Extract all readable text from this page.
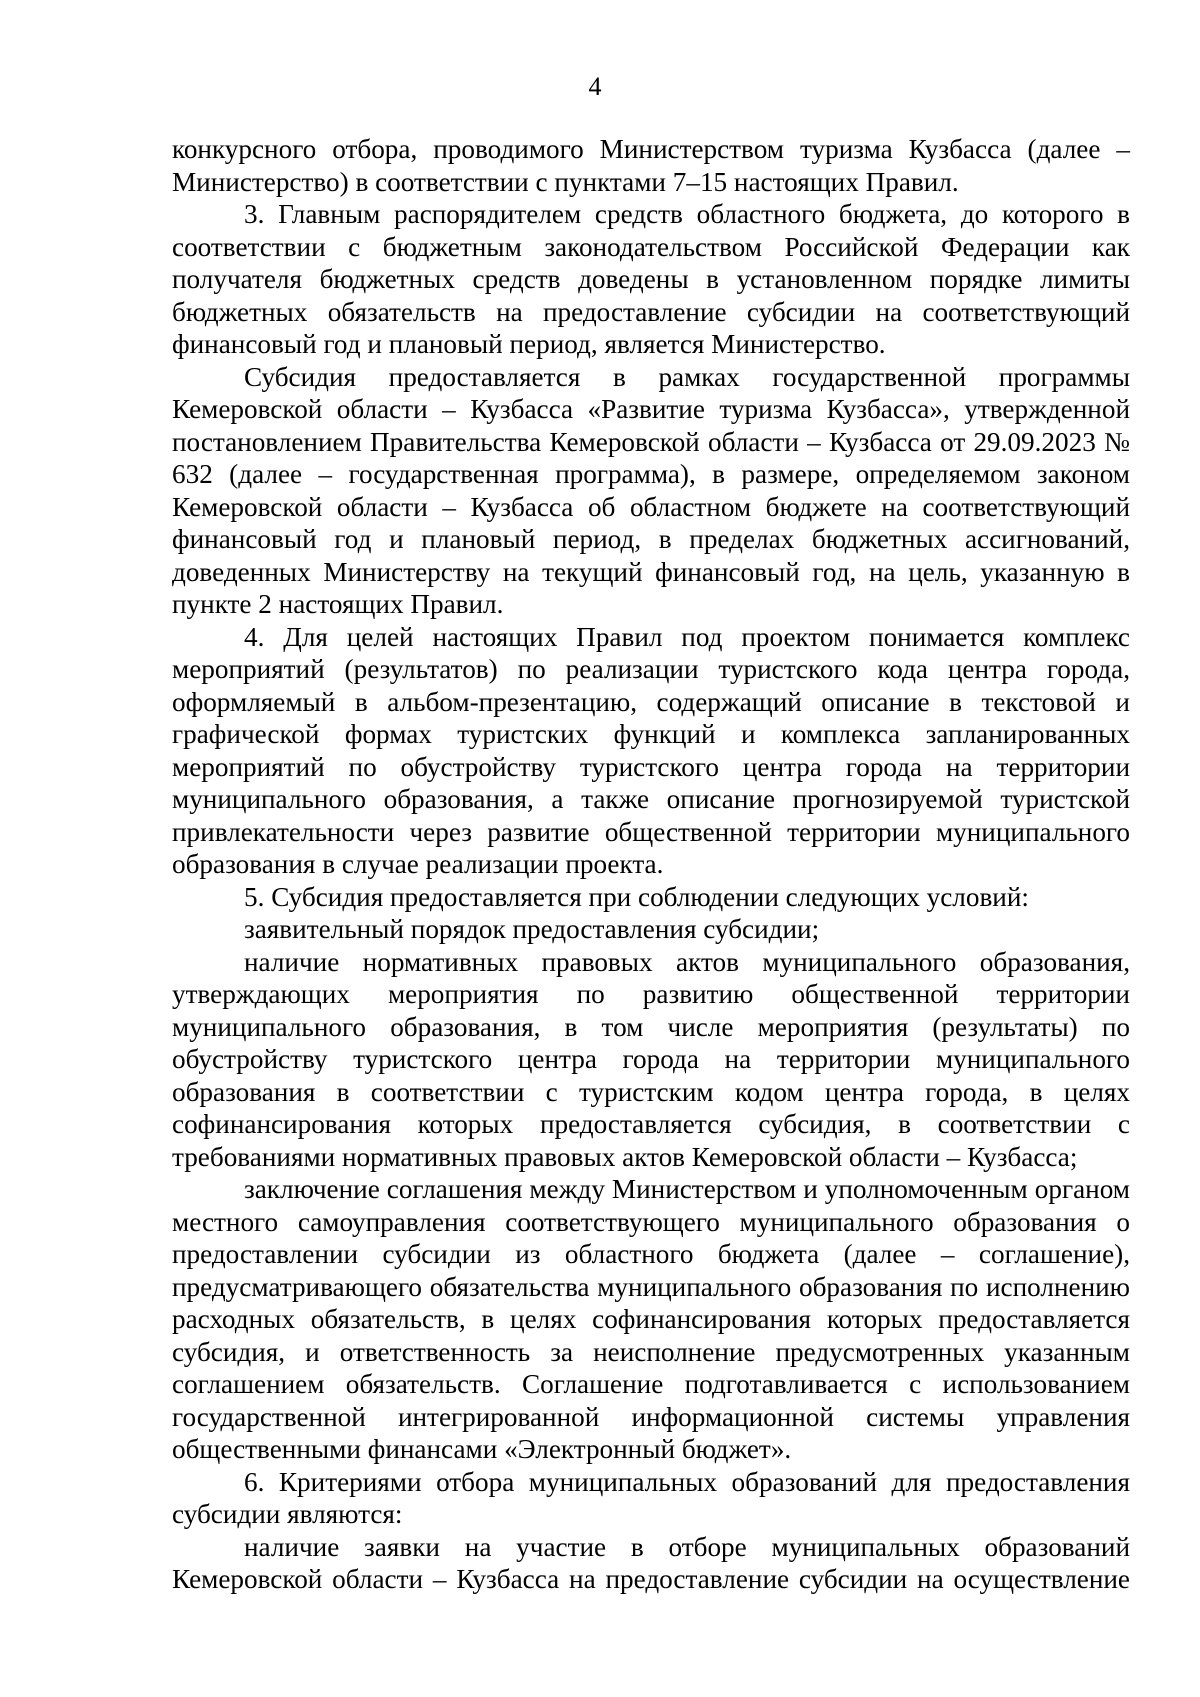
4

конкурсного отбора, проводимого Министерством туризма Кузбасса (далее – Министерство) в соответствии с пунктами 7–15 настоящих Правил.

3. Главным распорядителем средств областного бюджета, до которого в соответствии с бюджетным законодательством Российской Федерации как получателя бюджетных средств доведены в установленном порядке лимиты бюджетных обязательств на предоставление субсидии на соответствующий финансовый год и плановый период, является Министерство.

Субсидия предоставляется в рамках государственной программы Кемеровской области – Кузбасса «Развитие туризма Кузбасса», утвержденной постановлением Правительства Кемеровской области – Кузбасса от 29.09.2023 № 632 (далее – государственная программа), в размере, определяемом законом Кемеровской области – Кузбасса об областном бюджете на соответствующий финансовый год и плановый период, в пределах бюджетных ассигнований, доведенных Министерству на текущий финансовый год, на цель, указанную в пункте 2 настоящих Правил.

4. Для целей настоящих Правил под проектом понимается комплекс мероприятий (результатов) по реализации туристского кода центра города, оформляемый в альбом-презентацию, содержащий описание в текстовой и графической формах туристских функций и комплекса запланированных мероприятий по обустройству туристского центра города на территории муниципального образования, а также описание прогнозируемой туристской привлекательности через развитие общественной территории муниципального образования в случае реализации проекта.

5. Субсидия предоставляется при соблюдении следующих условий:

заявительный порядок предоставления субсидии;

наличие нормативных правовых актов муниципального образования, утверждающих мероприятия по развитию общественной территории муниципального образования, в том числе мероприятия (результаты) по обустройству туристского центра города на территории муниципального образования в соответствии с туристским кодом центра города, в целях софинансирования которых предоставляется субсидия, в соответствии с требованиями нормативных правовых актов Кемеровской области – Кузбасса;

заключение соглашения между Министерством и уполномоченным органом местного самоуправления соответствующего муниципального образования о предоставлении субсидии из областного бюджета (далее – соглашение), предусматривающего обязательства муниципального образования по исполнению расходных обязательств, в целях софинансирования которых предоставляется субсидия, и ответственность за неисполнение предусмотренных указанным соглашением обязательств. Соглашение подготавливается с использованием государственной интегрированной информационной системы управления общественными финансами «Электронный бюджет».

6. Критериями отбора муниципальных образований для предоставления субсидии являются:

наличие заявки на участие в отборе муниципальных образований Кемеровской области – Кузбасса на предоставление субсидии на осуществление
